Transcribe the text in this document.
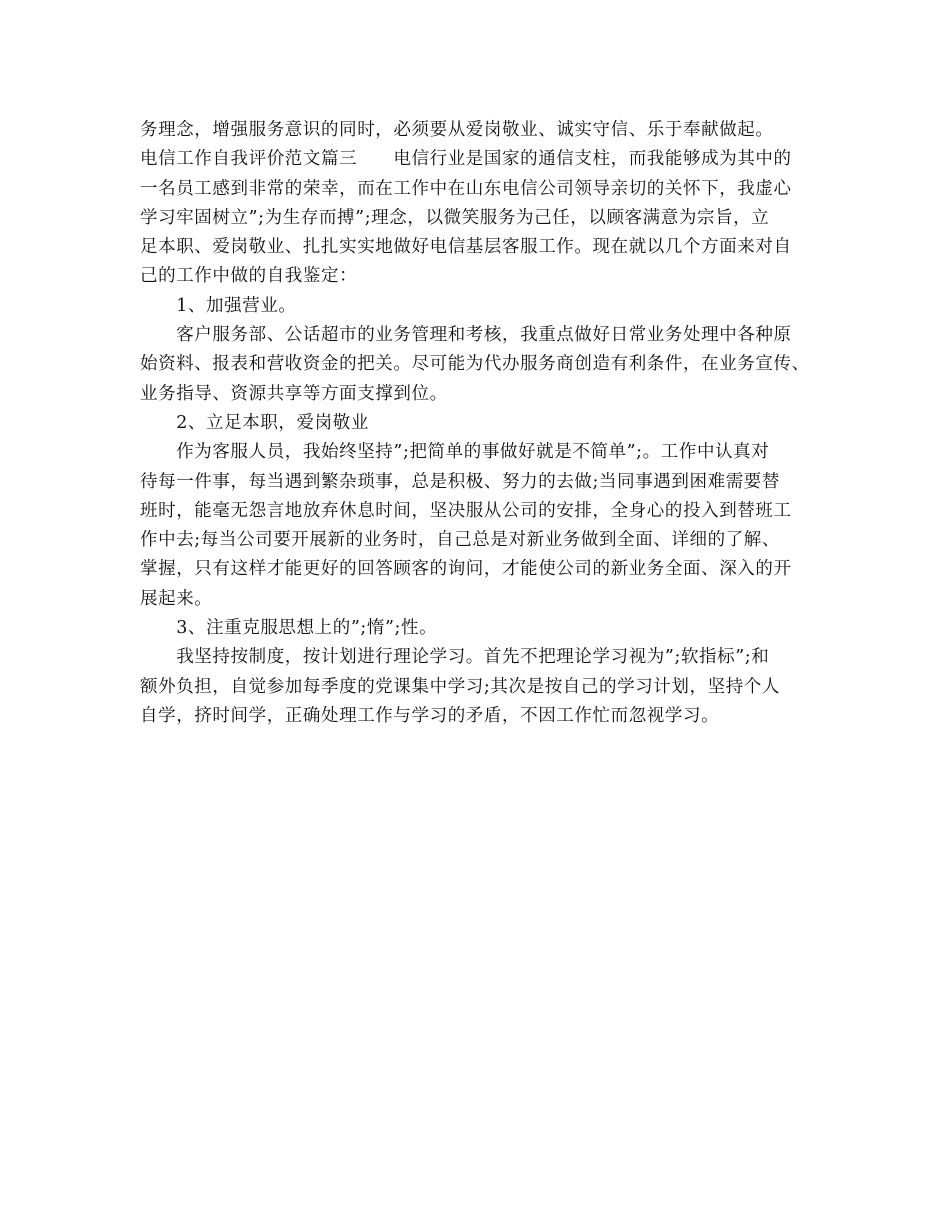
务理念，增强服务意识的同时，必须要从爱岗敬业、诚实守信、乐于奉献做起。

电信工作自我评价范文篇三　　电信行业是国家的通信支柱，而我能够成为其中的

一名员工感到非常的荣幸，而在工作中在山东电信公司领导亲切的关怀下，我虚心

学习牢固树立”;为生存而搏”;理念，以微笑服务为己任，以顾客满意为宗旨，立

足本职、爱岗敬业、扎扎实实地做好电信基层客服工作。现在就以几个方面来对自

己的工作中做的自我鉴定：

　　1、加强营业。

　　客户服务部、公话超市的业务管理和考核，我重点做好日常业务处理中各种原

始资料、报表和营收资金的把关。尽可能为代办服务商创造有利条件，在业务宣传、

业务指导、资源共享等方面支撑到位。

　　2、立足本职，爱岗敬业

　　作为客服人员，我始终坚持”;把简单的事做好就是不简单”;。工作中认真对

待每一件事，每当遇到繁杂琐事，总是积极、努力的去做;当同事遇到困难需要替

班时，能毫无怨言地放弃休息时间，坚决服从公司的安排，全身心的投入到替班工

作中去;每当公司要开展新的业务时，自己总是对新业务做到全面、详细的了解、

掌握，只有这样才能更好的回答顾客的询问，才能使公司的新业务全面、深入的开

展起来。

　　3、注重克服思想上的”;惰”;性。

　　我坚持按制度，按计划进行理论学习。首先不把理论学习视为”;软指标”;和

额外负担，自觉参加每季度的党课集中学习;其次是按自己的学习计划，坚持个人

自学，挤时间学，正确处理工作与学习的矛盾，不因工作忙而忽视学习。
